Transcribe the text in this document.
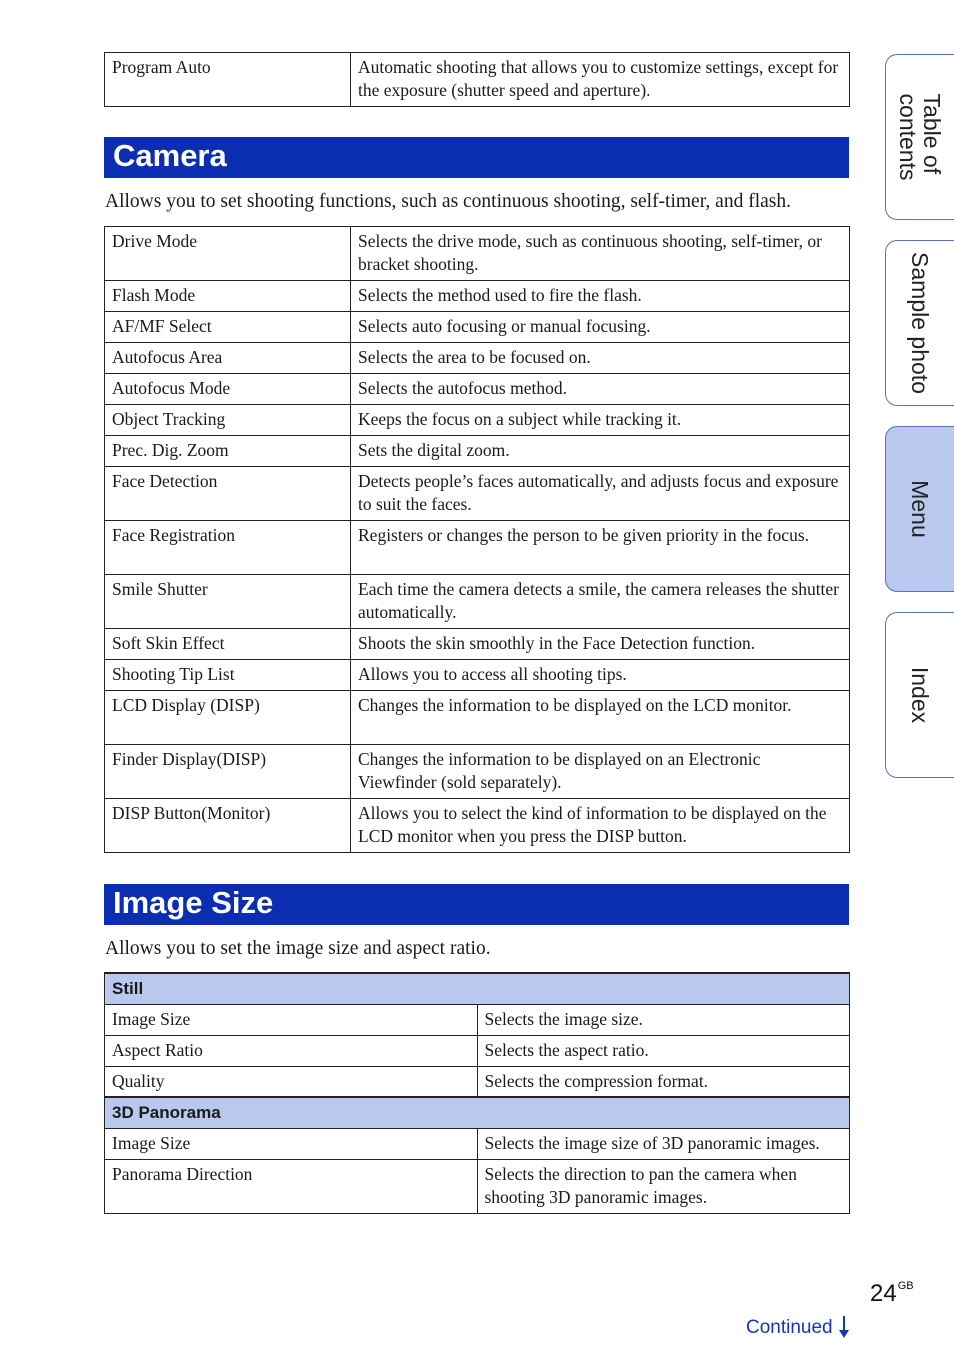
Program Auto	Automatic shooting that allows you to customize settings, except for the exposure (shutter speed and aperture).
Camera
Allows you to set shooting functions, such as continuous shooting, self-timer, and flash.
Drive Mode	Selects the drive mode, such as continuous shooting, self-timer, or bracket shooting.
Flash Mode	Selects the method used to fire the flash.
AF/MF Select	Selects auto focusing or manual focusing.
Autofocus Area	Selects the area to be focused on.
Autofocus Mode	Selects the autofocus method.
Object Tracking	Keeps the focus on a subject while tracking it.
Prec. Dig. Zoom	Sets the digital zoom.
Face Detection	Detects people’s faces automatically, and adjusts focus and exposure to suit the faces.
Face Registration	Registers or changes the person to be given priority in the focus.
Smile Shutter	Each time the camera detects a smile, the camera releases the shutter automatically.
Soft Skin Effect	Shoots the skin smoothly in the Face Detection function.
Shooting Tip List	Allows you to access all shooting tips.
LCD Display (DISP)	Changes the information to be displayed on the LCD monitor.
Finder Display(DISP)	Changes the information to be displayed on an Electronic Viewfinder (sold separately).
DISP Button(Monitor)	Allows you to select the kind of information to be displayed on the LCD monitor when you press the DISP button.
Image Size
Allows you to set the image size and aspect ratio.
Still	
Image Size	Selects the image size.
Aspect Ratio	Selects the aspect ratio.
Quality	Selects the compression format.
3D Panorama	
Image Size	Selects the image size of 3D panoramic images.
Panorama Direction	Selects the direction to pan the camera when shooting 3D panoramic images.
Table of
contents
Sample photo
Menu
Index
$24^{GB}$
Continued
